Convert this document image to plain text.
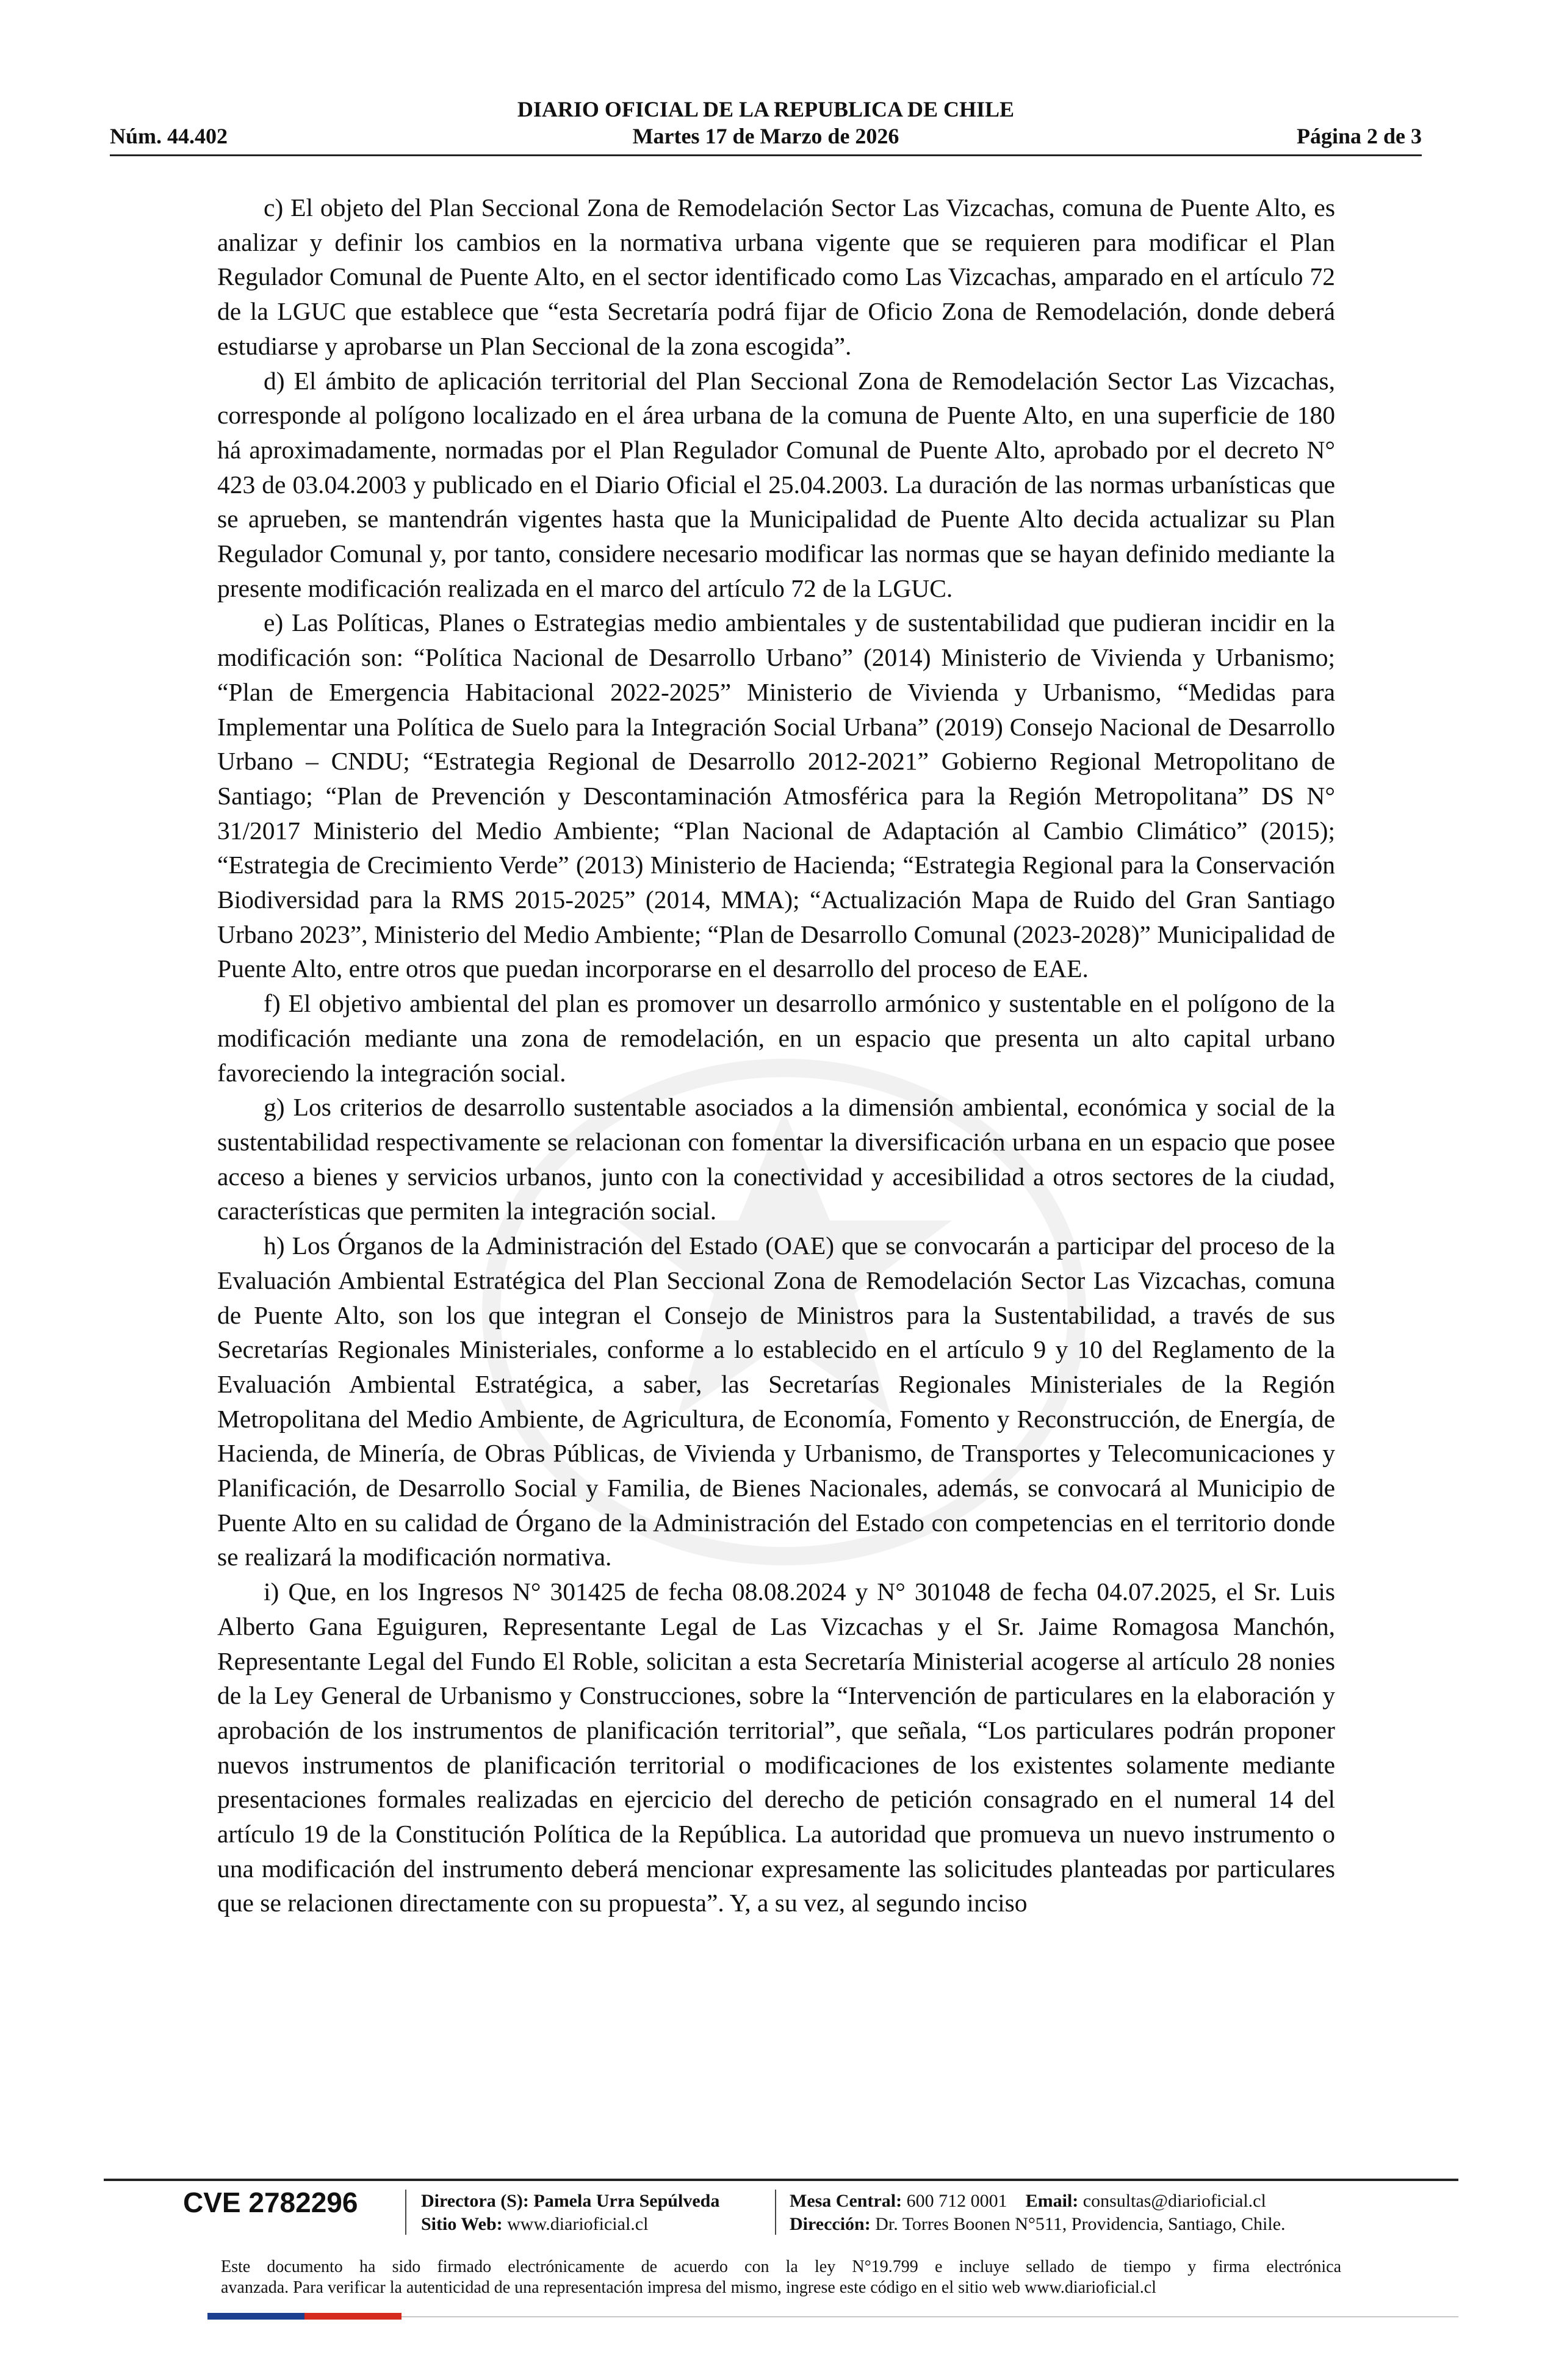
DIARIO OFICIAL DE LA REPUBLICA DE CHILE
Núm. 44.402	Martes 17 de Marzo de 2026	Página 2 de 3

c) El objeto del Plan Seccional Zona de Remodelación Sector Las Vizcachas, comuna de Puente Alto, es analizar y definir los cambios en la normativa urbana vigente que se requieren para modificar el Plan Regulador Comunal de Puente Alto, en el sector identificado como Las Vizcachas, amparado en el artículo 72 de la LGUC que establece que “esta Secretaría podrá fijar de Oficio Zona de Remodelación, donde deberá estudiarse y aprobarse un Plan Seccional de la zona escogida”.

d) El ámbito de aplicación territorial del Plan Seccional Zona de Remodelación Sector Las Vizcachas, corresponde al polígono localizado en el área urbana de la comuna de Puente Alto, en una superficie de 180 há aproximadamente, normadas por el Plan Regulador Comunal de Puente Alto, aprobado por el decreto N° 423 de 03.04.2003 y publicado en el Diario Oficial el 25.04.2003. La duración de las normas urbanísticas que se aprueben, se mantendrán vigentes hasta que la Municipalidad de Puente Alto decida actualizar su Plan Regulador Comunal y, por tanto, considere necesario modificar las normas que se hayan definido mediante la presente modificación realizada en el marco del artículo 72 de la LGUC.

e) Las Políticas, Planes o Estrategias medio ambientales y de sustentabilidad que pudieran incidir en la modificación son: “Política Nacional de Desarrollo Urbano” (2014) Ministerio de Vivienda y Urbanismo; “Plan de Emergencia Habitacional 2022-2025” Ministerio de Vivienda y Urbanismo, “Medidas para Implementar una Política de Suelo para la Integración Social Urbana” (2019) Consejo Nacional de Desarrollo Urbano – CNDU; “Estrategia Regional de Desarrollo 2012-2021” Gobierno Regional Metropolitano de Santiago; “Plan de Prevención y Descontaminación Atmosférica para la Región Metropolitana” DS N° 31/2017 Ministerio del Medio Ambiente; “Plan Nacional de Adaptación al Cambio Climático” (2015); “Estrategia de Crecimiento Verde” (2013) Ministerio de Hacienda; “Estrategia Regional para la Conservación Biodiversidad para la RMS 2015-2025” (2014, MMA); “Actualización Mapa de Ruido del Gran Santiago Urbano 2023”, Ministerio del Medio Ambiente; “Plan de Desarrollo Comunal (2023-2028)” Municipalidad de Puente Alto, entre otros que puedan incorporarse en el desarrollo del proceso de EAE.

f) El objetivo ambiental del plan es promover un desarrollo armónico y sustentable en el polígono de la modificación mediante una zona de remodelación, en un espacio que presenta un alto capital urbano favoreciendo la integración social.

g) Los criterios de desarrollo sustentable asociados a la dimensión ambiental, económica y social de la sustentabilidad respectivamente se relacionan con fomentar la diversificación urbana en un espacio que posee acceso a bienes y servicios urbanos, junto con la conectividad y accesibilidad a otros sectores de la ciudad, características que permiten la integración social.

h) Los Órganos de la Administración del Estado (OAE) que se convocarán a participar del proceso de la Evaluación Ambiental Estratégica del Plan Seccional Zona de Remodelación Sector Las Vizcachas, comuna de Puente Alto, son los que integran el Consejo de Ministros para la Sustentabilidad, a través de sus Secretarías Regionales Ministeriales, conforme a lo establecido en el artículo 9 y 10 del Reglamento de la Evaluación Ambiental Estratégica, a saber, las Secretarías Regionales Ministeriales de la Región Metropolitana del Medio Ambiente, de Agricultura, de Economía, Fomento y Reconstrucción, de Energía, de Hacienda, de Minería, de Obras Públicas, de Vivienda y Urbanismo, de Transportes y Telecomunicaciones y Planificación, de Desarrollo Social y Familia, de Bienes Nacionales, además, se convocará al Municipio de Puente Alto en su calidad de Órgano de la Administración del Estado con competencias en el territorio donde se realizará la modificación normativa.

i) Que, en los Ingresos N° 301425 de fecha 08.08.2024 y N° 301048 de fecha 04.07.2025, el Sr. Luis Alberto Gana Eguiguren, Representante Legal de Las Vizcachas y el Sr. Jaime Romagosa Manchón, Representante Legal del Fundo El Roble, solicitan a esta Secretaría Ministerial acogerse al artículo 28 nonies de la Ley General de Urbanismo y Construcciones, sobre la “Intervención de particulares en la elaboración y aprobación de los instrumentos de planificación territorial”, que señala, “Los particulares podrán proponer nuevos instrumentos de planificación territorial o modificaciones de los existentes solamente mediante presentaciones formales realizadas en ejercicio del derecho de petición consagrado en el numeral 14 del artículo 19 de la Constitución Política de la República. La autoridad que promueva un nuevo instrumento o una modificación del instrumento deberá mencionar expresamente las solicitudes planteadas por particulares que se relacionen directamente con su propuesta”. Y, a su vez, al segundo inciso

CVE 2782296	Directora (S): Pamela Urra Sepúlveda
Sitio Web: www.diarioficial.cl
Mesa Central: 600 712 0001 Email: consultas@diarioficial.cl
Dirección: Dr. Torres Boonen N°511, Providencia, Santiago, Chile.
Este documento ha sido firmado electrónicamente de acuerdo con la ley N°19.799 e incluye sellado de tiempo y firma electrónica
avanzada. Para verificar la autenticidad de una representación impresa del mismo, ingrese este código en el sitio web www.diarioficial.cl
